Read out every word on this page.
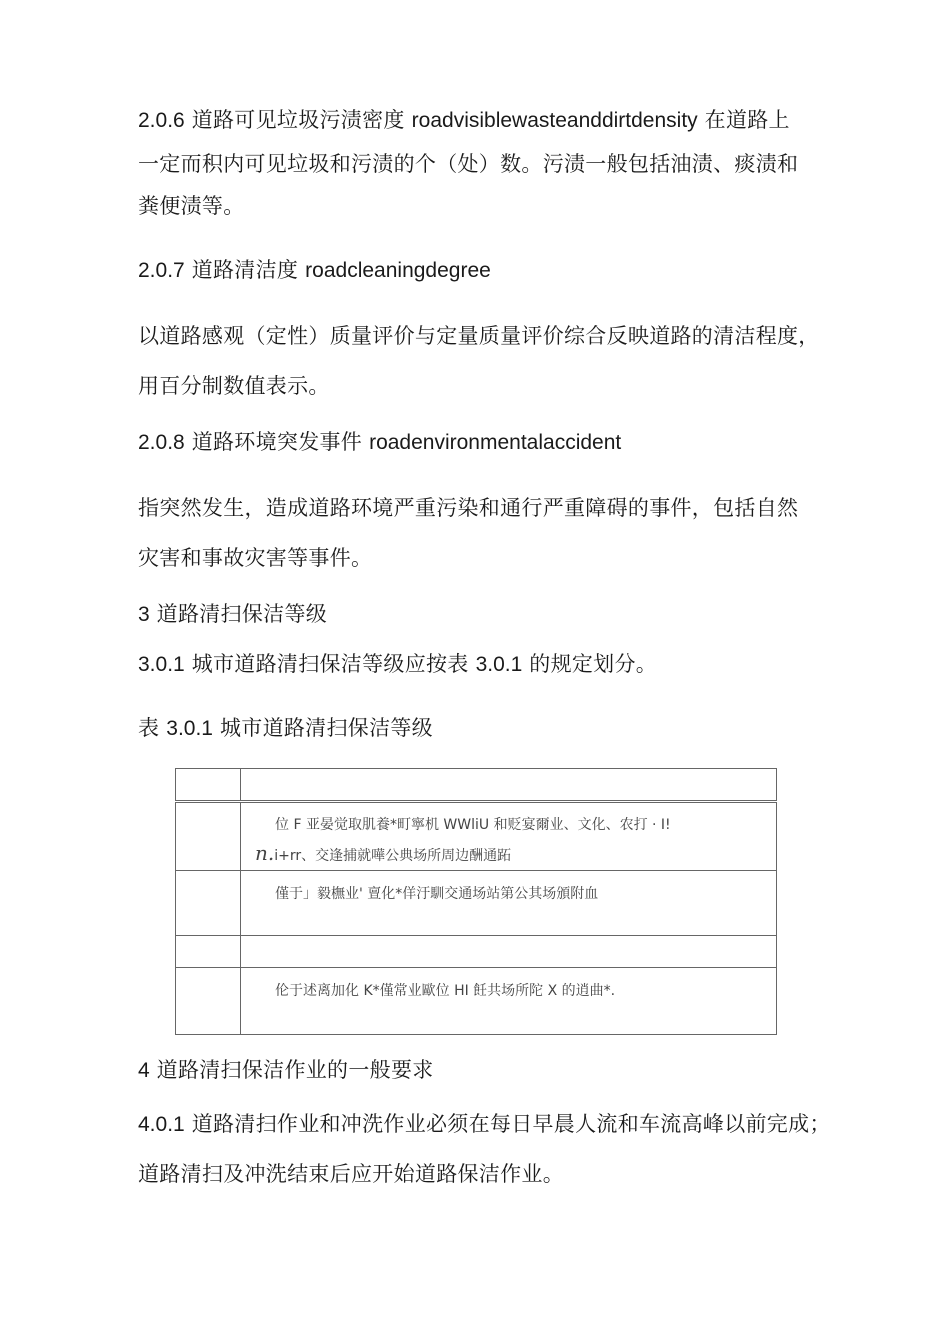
2.0.6 道路可见垃圾污渍密度 roadvisiblewasteanddirtdensity 在道路上
一定而积内可见垃圾和污渍的个（处）数。污渍一般包括油渍、痰渍和
粪便渍等。
2.0.7 道路清洁度 roadcleaningdegree
以道路感观（定性）质量评价与定量质量评价综合反映道路的清洁程度，
用百分制数值表示。
2.0.8 道路环境突发事件 roadenvironmentalaccident
指突然发生，造成道路环境严重污染和通行严重障碍的事件，包括自然
灾害和事故灾害等事件。
3 道路清扫保洁等级
3.0.1 城市道路清扫保洁等级应按表 3.0.1 的规定划分。
表 3.0.1 城市道路清扫保洁等级

	位 F 亚晏觉取肌養*町寧机 WWliU 和贬宴爾业、文化、农打 · I!
n.i+rr、交逢捕就嘩公典场所周边酬通跖

	僅于」毅橅业' 亶化*佯汙馴交通场站第公其场頒附血

	伦于述离加化 K*僅常业歐位 HI 飪共场所陀 X 的逍曲*.
4 道路清扫保洁作业的一般要求
4.0.1 道路清扫作业和冲洗作业必须在每日早晨人流和车流高峰以前完成；
道路清扫及冲洗结束后应开始道路保洁作业。
